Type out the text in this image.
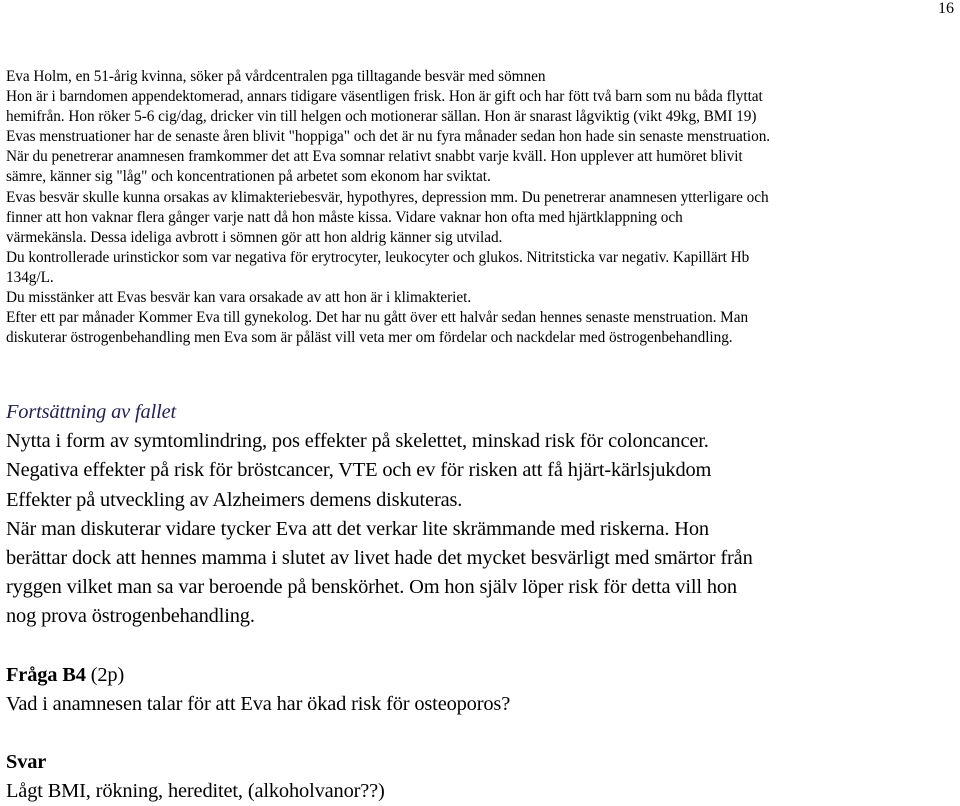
16

Eva Holm, en 51-årig kvinna, söker på vårdcentralen pga tilltagande besvär med sömnen

Hon är i barndomen appendektomerad, annars tidigare väsentligen frisk. Hon är gift och har fött två barn som nu båda flyttat

hemifrån. Hon röker 5-6 cig/dag, dricker vin till helgen och motionerar sällan. Hon är snarast lågviktig (vikt 49kg, BMI 19)

Evas menstruationer har de senaste åren blivit "hoppiga" och det är nu fyra månader sedan hon hade sin senaste menstruation.

När du penetrerar anamnesen framkommer det att Eva somnar relativt snabbt varje kväll. Hon upplever att humöret blivit

sämre, känner sig "låg" och koncentrationen på arbetet som ekonom har sviktat.

Evas besvär skulle kunna orsakas av klimakteriebesvär, hypothyres, depression mm. Du penetrerar anamnesen ytterligare och

finner att hon vaknar flera gånger varje natt då hon måste kissa. Vidare vaknar hon ofta med hjärtklappning och

värmekänsla. Dessa ideliga avbrott i sömnen gör att hon aldrig känner sig utvilad.

Du kontrollerade urinstickor som var negativa för erytrocyter, leukocyter och glukos. Nitritsticka var negativ. Kapillärt Hb

134g/L.

Du misstänker att Evas besvär kan vara orsakade av att hon är i klimakteriet.

Efter ett par månader Kommer Eva till gynekolog. Det har nu gått över ett halvår sedan hennes senaste menstruation. Man

diskuterar östrogenbehandling men Eva som är påläst vill veta mer om fördelar och nackdelar med östrogenbehandling.

Fortsättning av fallet

Nytta i form av symtomlindring, pos effekter på skelettet, minskad risk för coloncancer.

Negativa effekter på risk för bröstcancer, VTE och ev för risken att få hjärt-kärlsjukdom

Effekter på utveckling av Alzheimers demens diskuteras.

När man diskuterar vidare tycker Eva att det verkar lite skrämmande med riskerna. Hon

berättar dock att hennes mamma i slutet av livet hade det mycket besvärligt med smärtor från

ryggen vilket man sa var beroende på benskörhet. Om hon själv löper risk för detta vill hon

nog prova östrogenbehandling.

Fråga B4 (2p)

Vad i anamnesen talar för att Eva har ökad risk för osteoporos?

Svar

Lågt BMI, rökning, hereditet, (alkoholvanor??)
